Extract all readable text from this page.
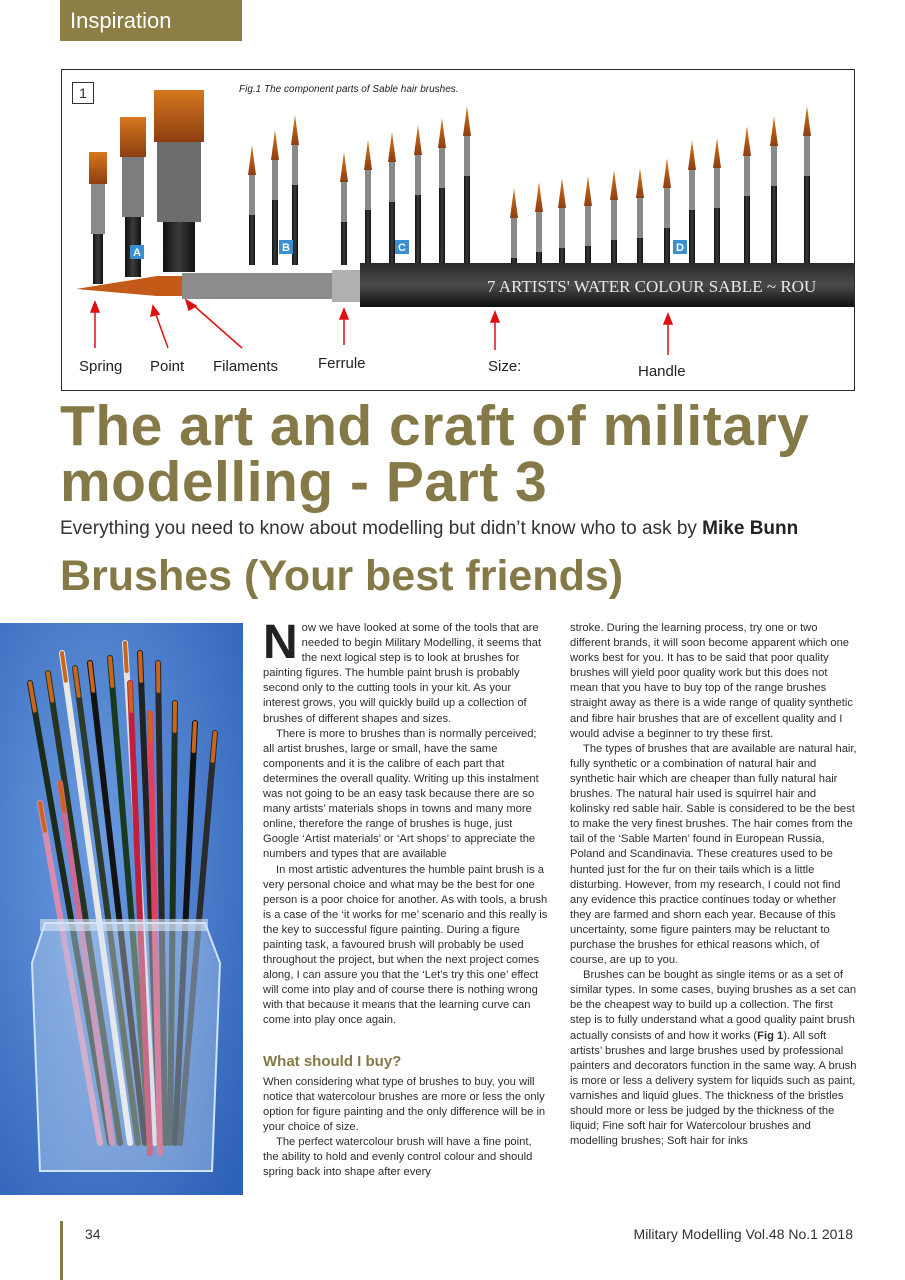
Inspiration
1	Fig.1 The component parts of Sable hair brushes.
A	B	C	D
7 ARTISTS' WATER COLOUR SABLE ~ ROU
Spring Point Filaments	Ferrule	Size:	Handle
The art and craft of military modelling - Part 3
Everything you need to know about modelling but didn’t know who to ask by Mike Bunn
Brushes (Your best friends)

Now we have looked at some of the tools that are needed to begin Military Modelling, it seems that the next logical step is to look at brushes for painting figures. The humble paint brush is probably second only to the cutting tools in your kit. As your interest grows, you will quickly build up a collection of brushes of different shapes and sizes.

There is more to brushes than is normally perceived; all artist brushes, large or small, have the same components and it is the calibre of each part that determines the overall quality. Writing up this instalment was not going to be an easy task because there are so many artists’ materials shops in towns and many more online, therefore the range of brushes is huge, just Google ‘Artist materials’ or ‘Art shops’ to appreciate the numbers and types that are available

In most artistic adventures the humble paint brush is a very personal choice and what may be the best for one person is a poor choice for another. As with tools, a brush is a case of the ‘it works for me’ scenario and this really is the key to successful figure painting. During a figure painting task, a favoured brush will probably be used throughout the project, but when the next project comes along, I can assure you that the ‘Let’s try this one’ effect will come into play and of course there is nothing wrong with that because it means that the learning curve can come into play once again.

What should I buy?

When considering what type of brushes to buy, you will notice that watercolour brushes are more or less the only option for figure painting and the only difference will be in your choice of size.

The perfect watercolour brush will have a fine point, the ability to hold and evenly control colour and should spring back into shape after every

stroke. During the learning process, try one or two different brands, it will soon become apparent which one works best for you. It has to be said that poor quality brushes will yield poor quality work but this does not mean that you have to buy top of the range brushes straight away as there is a wide range of quality synthetic and fibre hair brushes that are of excellent quality and I would advise a beginner to try these first.

The types of brushes that are available are natural hair, fully synthetic or a combination of natural hair and synthetic hair which are cheaper than fully natural hair brushes. The natural hair used is squirrel hair and kolinsky red sable hair. Sable is considered to be the best to make the very finest brushes. The hair comes from the tail of the ‘Sable Marten’ found in European Russia, Poland and Scandinavia. These creatures used to be hunted just for the fur on their tails which is a little disturbing. However, from my research, I could not find any evidence this practice continues today or whether they are farmed and shorn each year. Because of this uncertainty, some figure painters may be reluctant to purchase the brushes for ethical reasons which, of course, are up to you.

Brushes can be bought as single items or as a set of similar types. In some cases, buying brushes as a set can be the cheapest way to build up a collection. The first step is to fully understand what a good quality paint brush actually consists of and how it works (Fig 1). All soft artists’ brushes and large brushes used by professional painters and decorators function in the same way. A brush is more or less a delivery system for liquids such as paint, varnishes and liquid glues. The thickness of the bristles should more or less be judged by the thickness of the liquid; Fine soft hair for Watercolour brushes and modelling brushes; Soft hair for inks

34	Military Modelling Vol.48 No.1 2018
